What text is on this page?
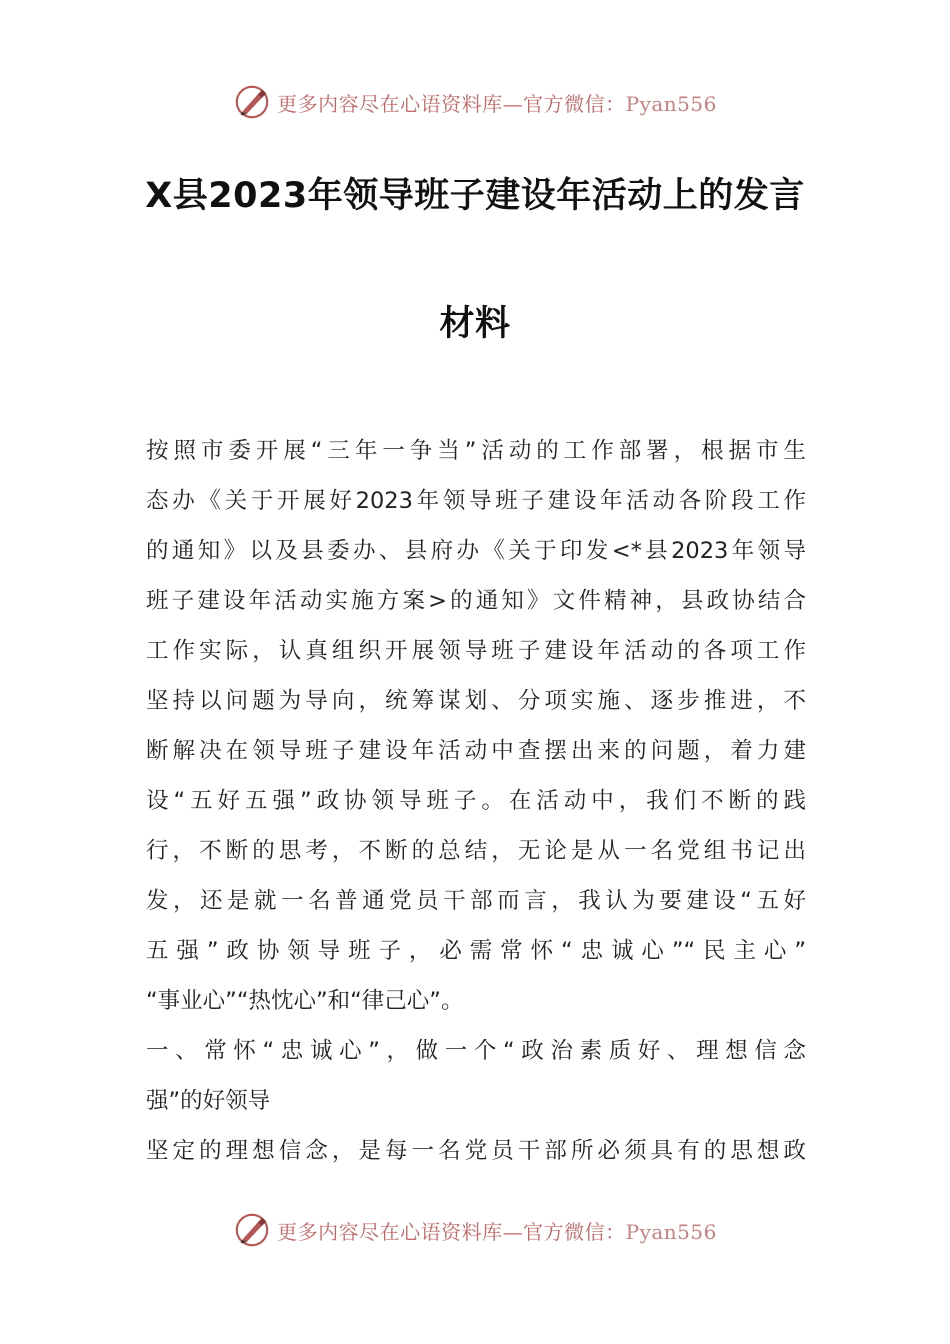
更多内容尽在心语资料库—官方微信：Pyan556
X县2023年领导班子建设年活动上的发言
材料
按照市委开展“三年一争当”活动的工作部署，根据市生
态办《关于开展好2023年领导班子建设年活动各阶段工作
的通知》以及县委办、县府办《关于印发<*县2023年领导
班子建设年活动实施方案>的通知》文件精神，县政协结合
工作实际，认真组织开展领导班子建设年活动的各项工作
坚持以问题为导向，统筹谋划、分项实施、逐步推进，不
断解决在领导班子建设年活动中查摆出来的问题，着力建
设“五好五强”政协领导班子。在活动中，我们不断的践
行，不断的思考，不断的总结，无论是从一名党组书记出
发，还是就一名普通党员干部而言，我认为要建设“五好
五强”政协领导班子，必需常怀“忠诚心”“民主心”
“事业心”“热忱心”和“律己心”。
一、常怀“忠诚心”，做一个“政治素质好、理想信念
强”的好领导
坚定的理想信念，是每一名党员干部所必须具有的思想政
更多内容尽在心语资料库—官方微信：Pyan556
